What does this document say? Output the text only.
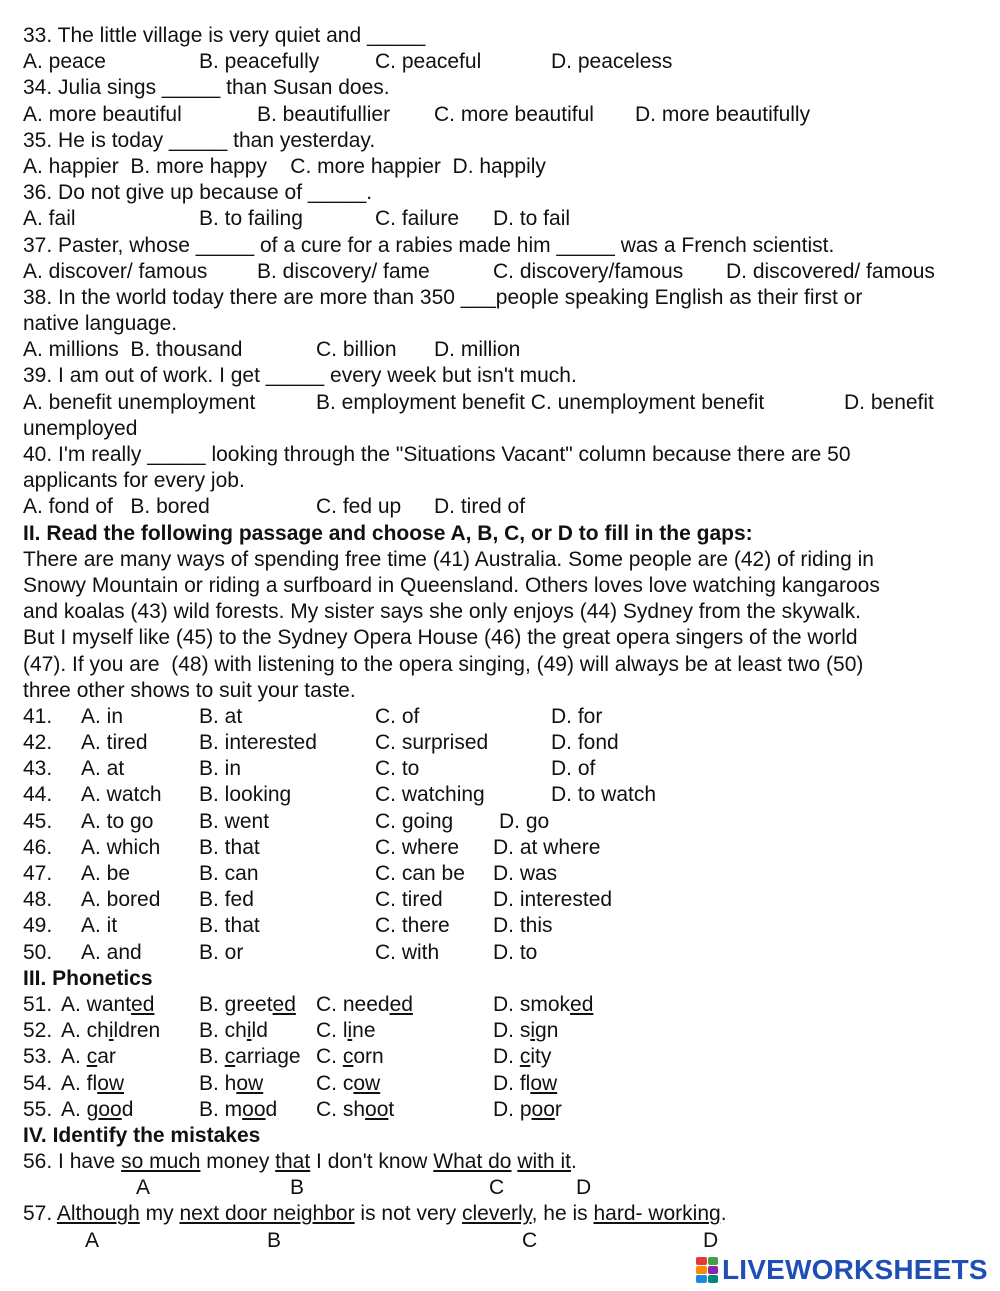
33. The little village is very quiet and _____
A. peace	B. peacefully	C. peaceful	D. peaceless
34. Julia sings _____ than Susan does.
A. more beautiful	B. beautifullier C. more beautiful D. more beautifully
35. He is today _____ than yesterday.
A. happier  B. more happy    C. more happier  D. happily
36. Do not give up because of _____.
A. fail	B. to failing	C. failure D. to fail
37. Paster, whose _____ of a cure for a rabies made him _____ was a French scientist.
A. discover/ famous B. discovery/ fame	C. discovery/famous D. discovered/ famous
38. In the world today there are more than 350 ___people speaking English as their first or
native language.
A. millions  B. thousand	C. billion D. million
39. I am out of work. I get _____ every week but isn't much.
A. benefit unemployment	B. employment benefit C. unemployment benefit	D. benefit
unemployed
40. I'm really _____ looking through the "Situations Vacant" column because there are 50
applicants for every job.
A. fond of   B. bored	C. fed up D. tired of
II. Read the following passage and choose A, B, C, or D to fill in the gaps:
There are many ways of spending free time (41) Australia. Some people are (42) of riding in
Snowy Mountain or riding a surfboard in Queensland. Others loves love watching kangaroos
and koalas (43) wild forests. My sister says she only enjoys (44) Sydney from the skywalk.
But I myself like (45) to the Sydney Opera House (46) the great opera singers of the world
(47). If you are  (48) with listening to the opera singing, (49) will always be at least two (50)
three other shows to suit your taste.
41. A. in	B. at	C. of	D. for
42. A. tired B. interested	C. surprised	D. fond
43. A. at	B. in	C. to	D. of
44. A. watch B. looking	C. watching	D. to watch
45. A. to go B. went	C. going D. go
46. A. which B. that	C. where D. at where
47. A. be	B. can	C. can be D. was
48. A. bored B. fed	C. tired D. interested
49. A. it	B. that	C. there D. this
50. A. and	B. or	C. with	D. to
III. Phonetics
51. A. wanted B. greeted C. needed	D. smoked
52. A. children B. child C. line	D. sign
53. A. car	B. carriage C. corn	D. city
54. A. flow	B. how	C. cow	D. flow
55. A. good	B. mood C. shoot	D. poor
IV. Identify the mistakes
56. I have so much money that I don't know What do with it.
A	B	C	D
57. Although my next door neighbor is not very cleverly, he is hard- working.
A	B	C	D
LIVEWORKSHEETS
